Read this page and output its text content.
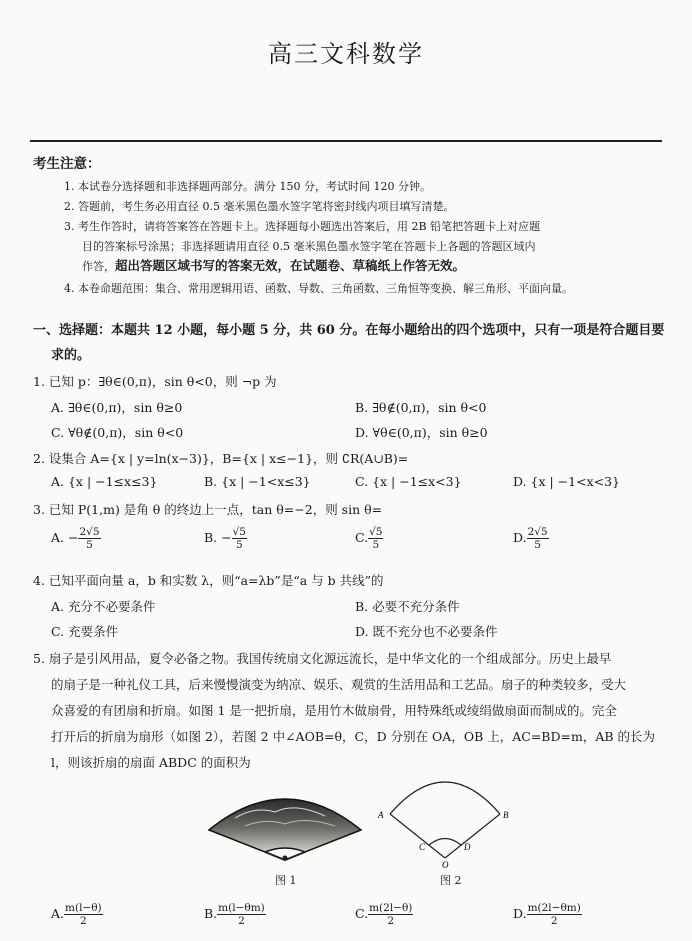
高三文科数学
考生注意：
1. 本试卷分选择题和非选择题两部分。满分 150 分，考试时间 120 分钟。
2. 答题前，考生务必用直径 0.5 毫米黑色墨水签字笔将密封线内项目填写清楚。
3. 考生作答时，请将答案答在答题卡上。选择题每小题选出答案后，用 2B 铅笔把答题卡上对应题
目的答案标号涂黑；非选择题请用直径 0.5 毫米黑色墨水签字笔在答题卡上各题的答题区域内
作答，超出答题区域书写的答案无效，在试题卷、草稿纸上作答无效。
4. 本卷命题范围：集合、常用逻辑用语、函数、导数、三角函数、三角恒等变换、解三角形、平面向量。
一、选择题：本题共 12 小题，每小题 5 分，共 60 分。在每小题给出的四个选项中，只有一项是符合题目要
求的。
1. 已知 p：∃θ∈(0,π)，sin θ<0，则 ¬p 为
A. ∃θ∈(0,π)，sin θ≥0	B. ∃θ∉(0,π)，sin θ<0
C. ∀θ∉(0,π)，sin θ<0	D. ∀θ∈(0,π)，sin θ≥0
2. 设集合 A={x | y=ln(x−3)}，B={x | x≤−1}，则 ∁R(A∪B)=
A. {x | −1≤x≤3}	B. {x | −1<x≤3}	C. {x | −1≤x<3}	D. {x | −1<x<3}
3. 已知 P(1,m) 是角 θ 的终边上一点，tan θ=−2，则 sin θ=
A. − $\frac{2√5}{5}$	B. − $\frac{√5}{5}$	C. $\frac{√5}{5}$	D. $\frac{2√5}{5}$
4. 已知平面向量 a，b 和实数 λ，则“a=λb”是“a 与 b 共线”的
A. 充分不必要条件	B. 必要不充分条件
C. 充要条件	D. 既不充分也不必要条件
5. 扇子是引风用品，夏令必备之物。我国传统扇文化源远流长，是中华文化的一个组成部分。历史上最早
的扇子是一种礼仪工具，后来慢慢演变为纳凉、娱乐、观赏的生活用品和工艺品。扇子的种类较多，受大
众喜爱的有团扇和折扇。如图 1 是一把折扇，是用竹木做扇骨，用特殊纸或绫绢做扇面而制成的。完全
打开后的折扇为扇形（如图 2），若图 2 中∠AOB=θ，C，D 分别在 OA，OB 上，AC=BD=m，AB 的长为
l，则该折扇的扇面 ABDC 的面积为
图 1
A	B
C	D
O
图 2
A. $\frac{m(l-\theta)}{2}$	B. $\frac{m(l-\theta m)}{2}$	C. $\frac{m(2l-\theta)}{2}$	D. $\frac{m(2l-\theta m)}{2}$
